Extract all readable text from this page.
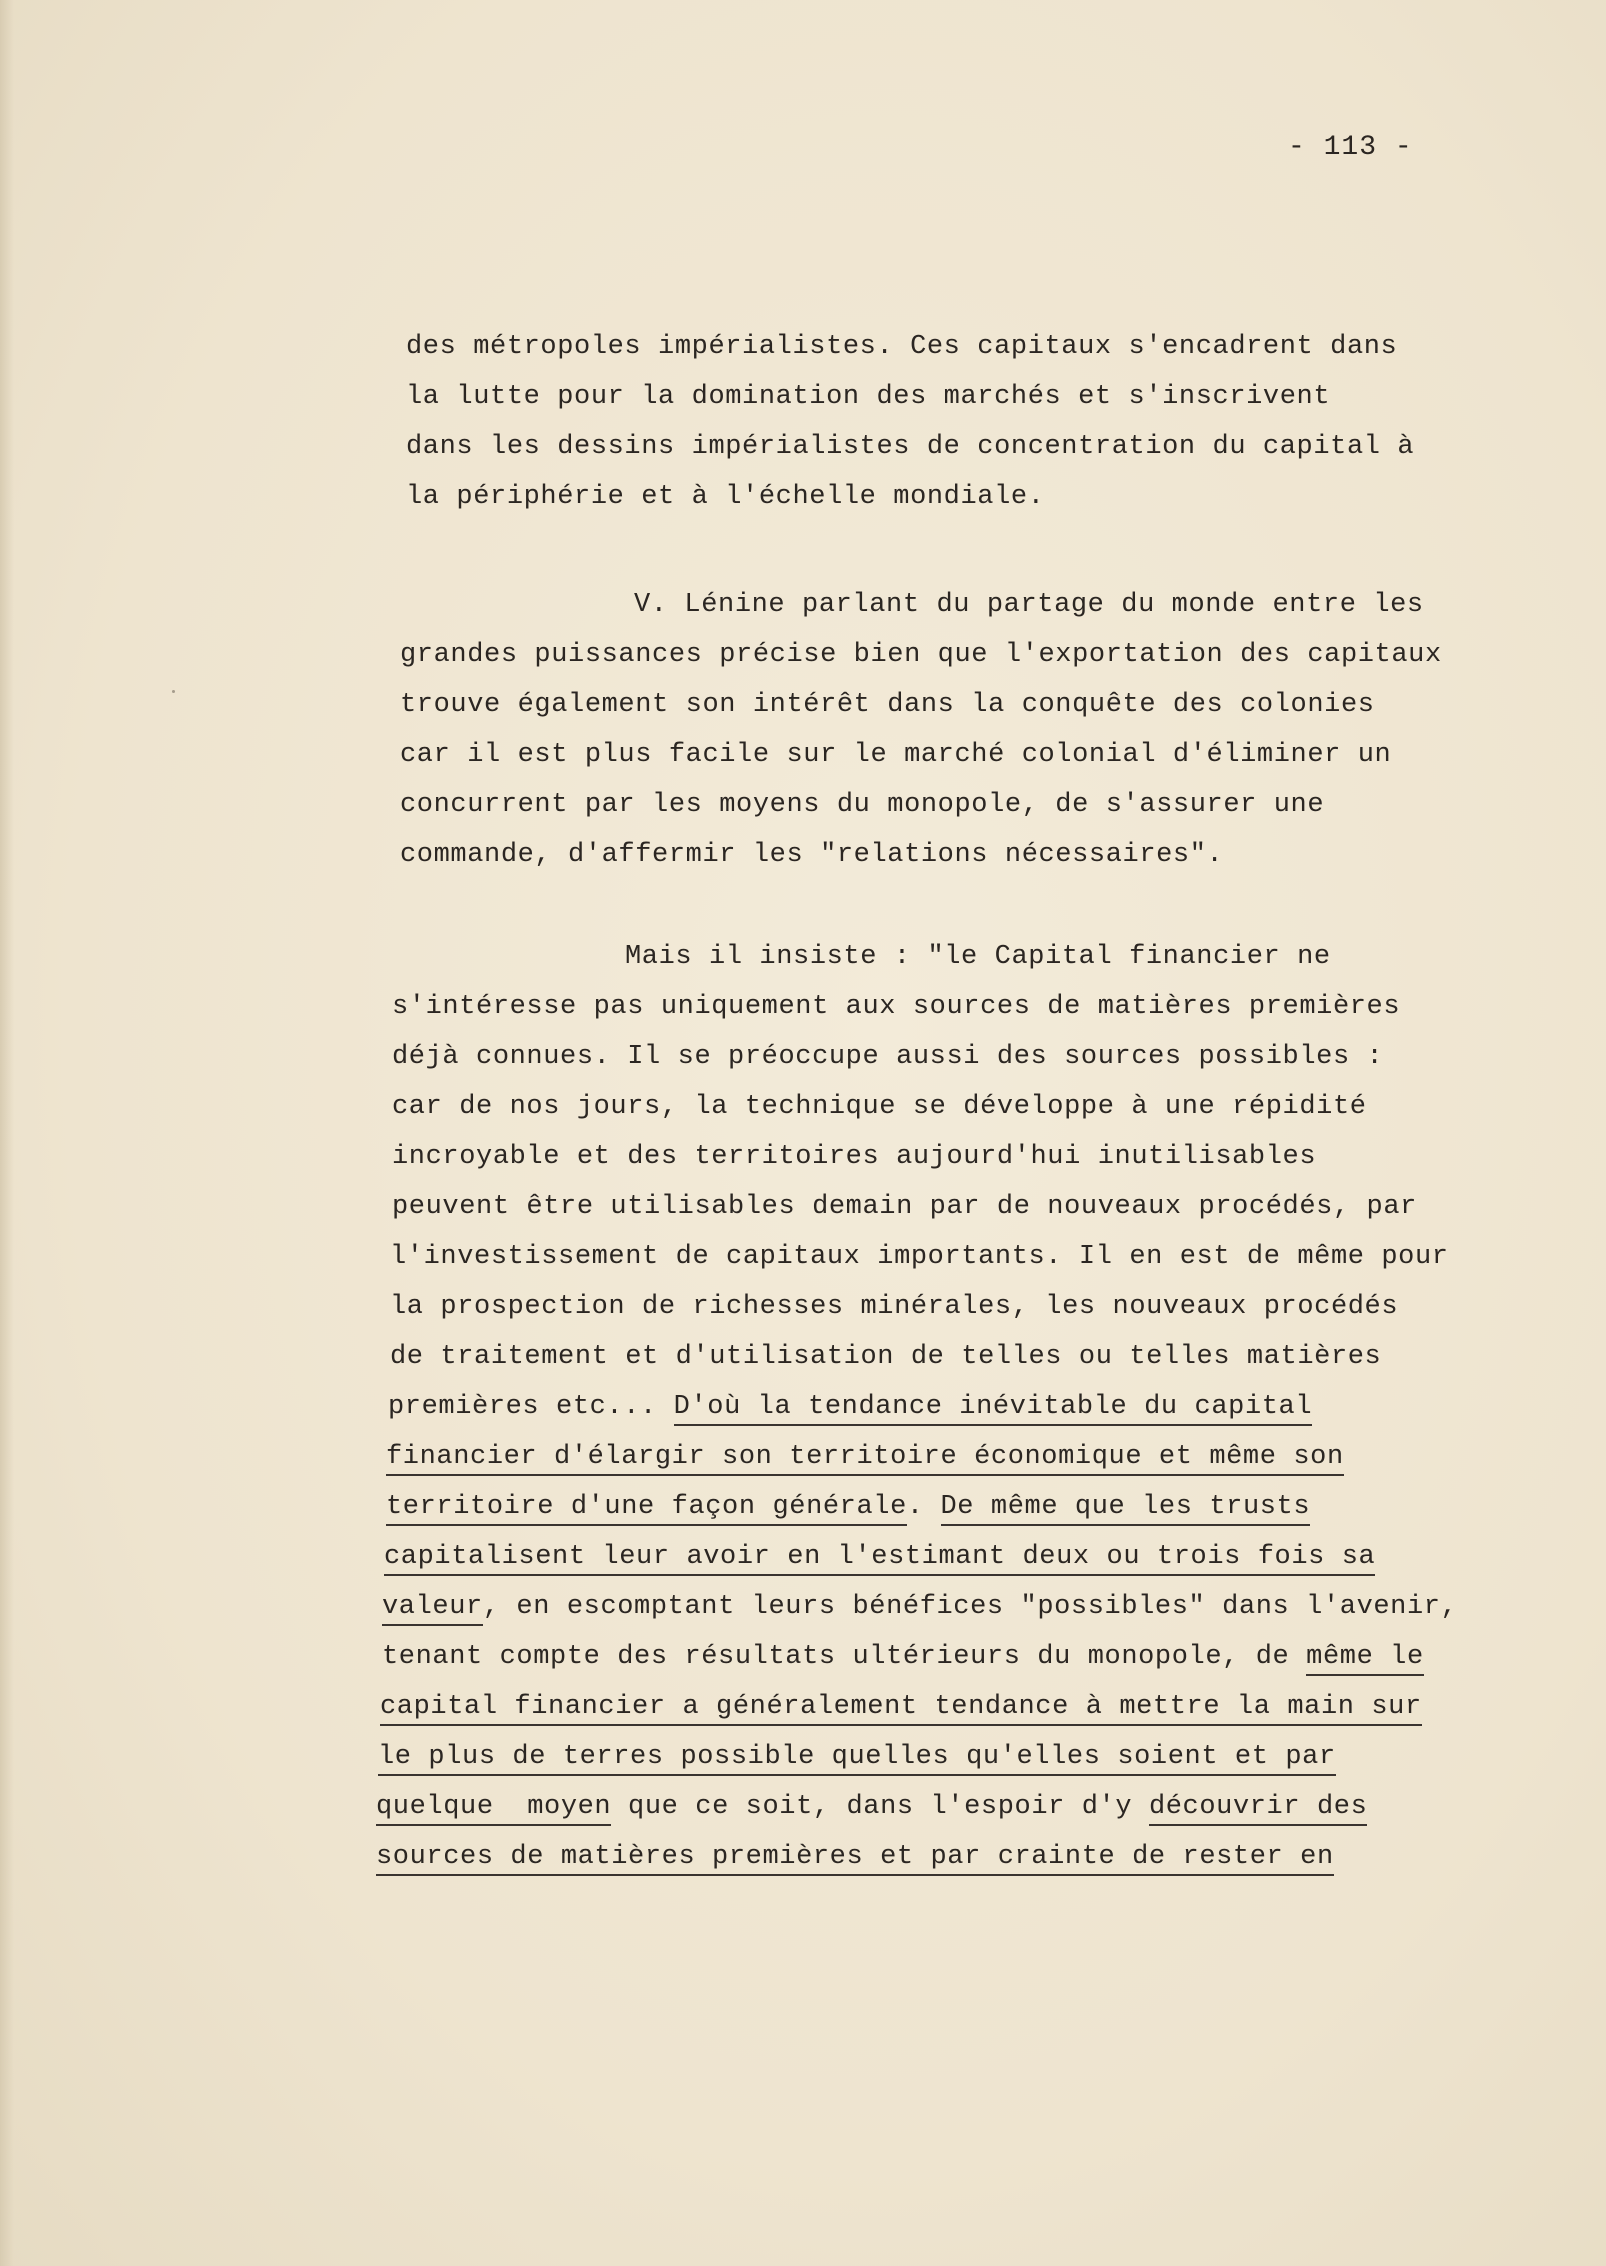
- 113 -
des métropoles impérialistes. Ces capitaux s'encadrent dans
la lutte pour la domination des marchés et s'inscrivent
dans les dessins impérialistes de concentration du capital à
la périphérie et à l'échelle mondiale.
V. Lénine parlant du partage du monde entre les
grandes puissances précise bien que l'exportation des capitaux
trouve également son intérêt dans la conquête des colonies
car il est plus facile sur le marché colonial d'éliminer un
concurrent par les moyens du monopole, de s'assurer une
commande, d'affermir les "relations nécessaires".
Mais il insiste : "le Capital financier ne
s'intéresse pas uniquement aux sources de matières premières
déjà connues. Il se préoccupe aussi des sources possibles :
car de nos jours, la technique se développe à une répidité
incroyable et des territoires aujourd'hui inutilisables
peuvent être utilisables demain par de nouveaux procédés, par
l'investissement de capitaux importants. Il en est de même pour
la prospection de richesses minérales, les nouveaux procédés
de traitement et d'utilisation de telles ou telles matières
premières etc... D'où la tendance inévitable du capital
financier d'élargir son territoire économique et même son
territoire d'une façon générale. De même que les trusts
capitalisent leur avoir en l'estimant deux ou trois fois sa
valeur, en escomptant leurs bénéfices "possibles" dans l'avenir,
tenant compte des résultats ultérieurs du monopole, de même le
capital financier a généralement tendance à mettre la main sur
le plus de terres possible quelles qu'elles soient et par
quelque  moyen que ce soit, dans l'espoir d'y découvrir des
sources de matières premières et par crainte de rester en
